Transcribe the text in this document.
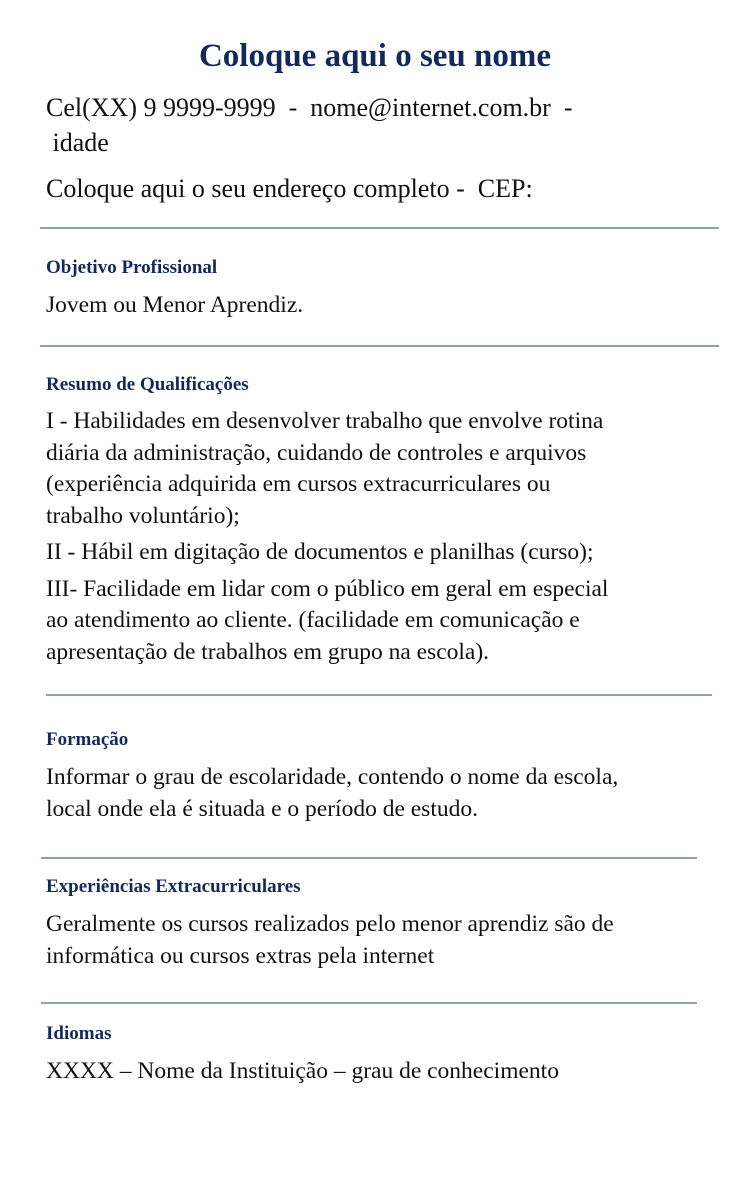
Coloque aqui o seu nome
Cel(XX) 9 9999-9999  -  nome@internet.com.br  -
idade
Coloque aqui o seu endereço completo -  CEP:
Objetivo Profissional

Jovem ou Menor Aprendiz.

Resumo de Qualificações

I - Habilidades em desenvolver trabalho que envolve rotina

diária da administração, cuidando de controles e arquivos

(experiência adquirida em cursos extracurriculares ou

trabalho voluntário);

II - Hábil em digitação de documentos e planilhas (curso);

III- Facilidade em lidar com o público em geral em especial

ao atendimento ao cliente. (facilidade em comunicação e

apresentação de trabalhos em grupo na escola).

Formação

Informar o grau de escolaridade, contendo o nome da escola,

local onde ela é situada e o período de estudo.

Experiências Extracurriculares

Geralmente os cursos realizados pelo menor aprendiz são de

informática ou cursos extras pela internet

Idiomas

XXXX – Nome da Instituição – grau de conhecimento
